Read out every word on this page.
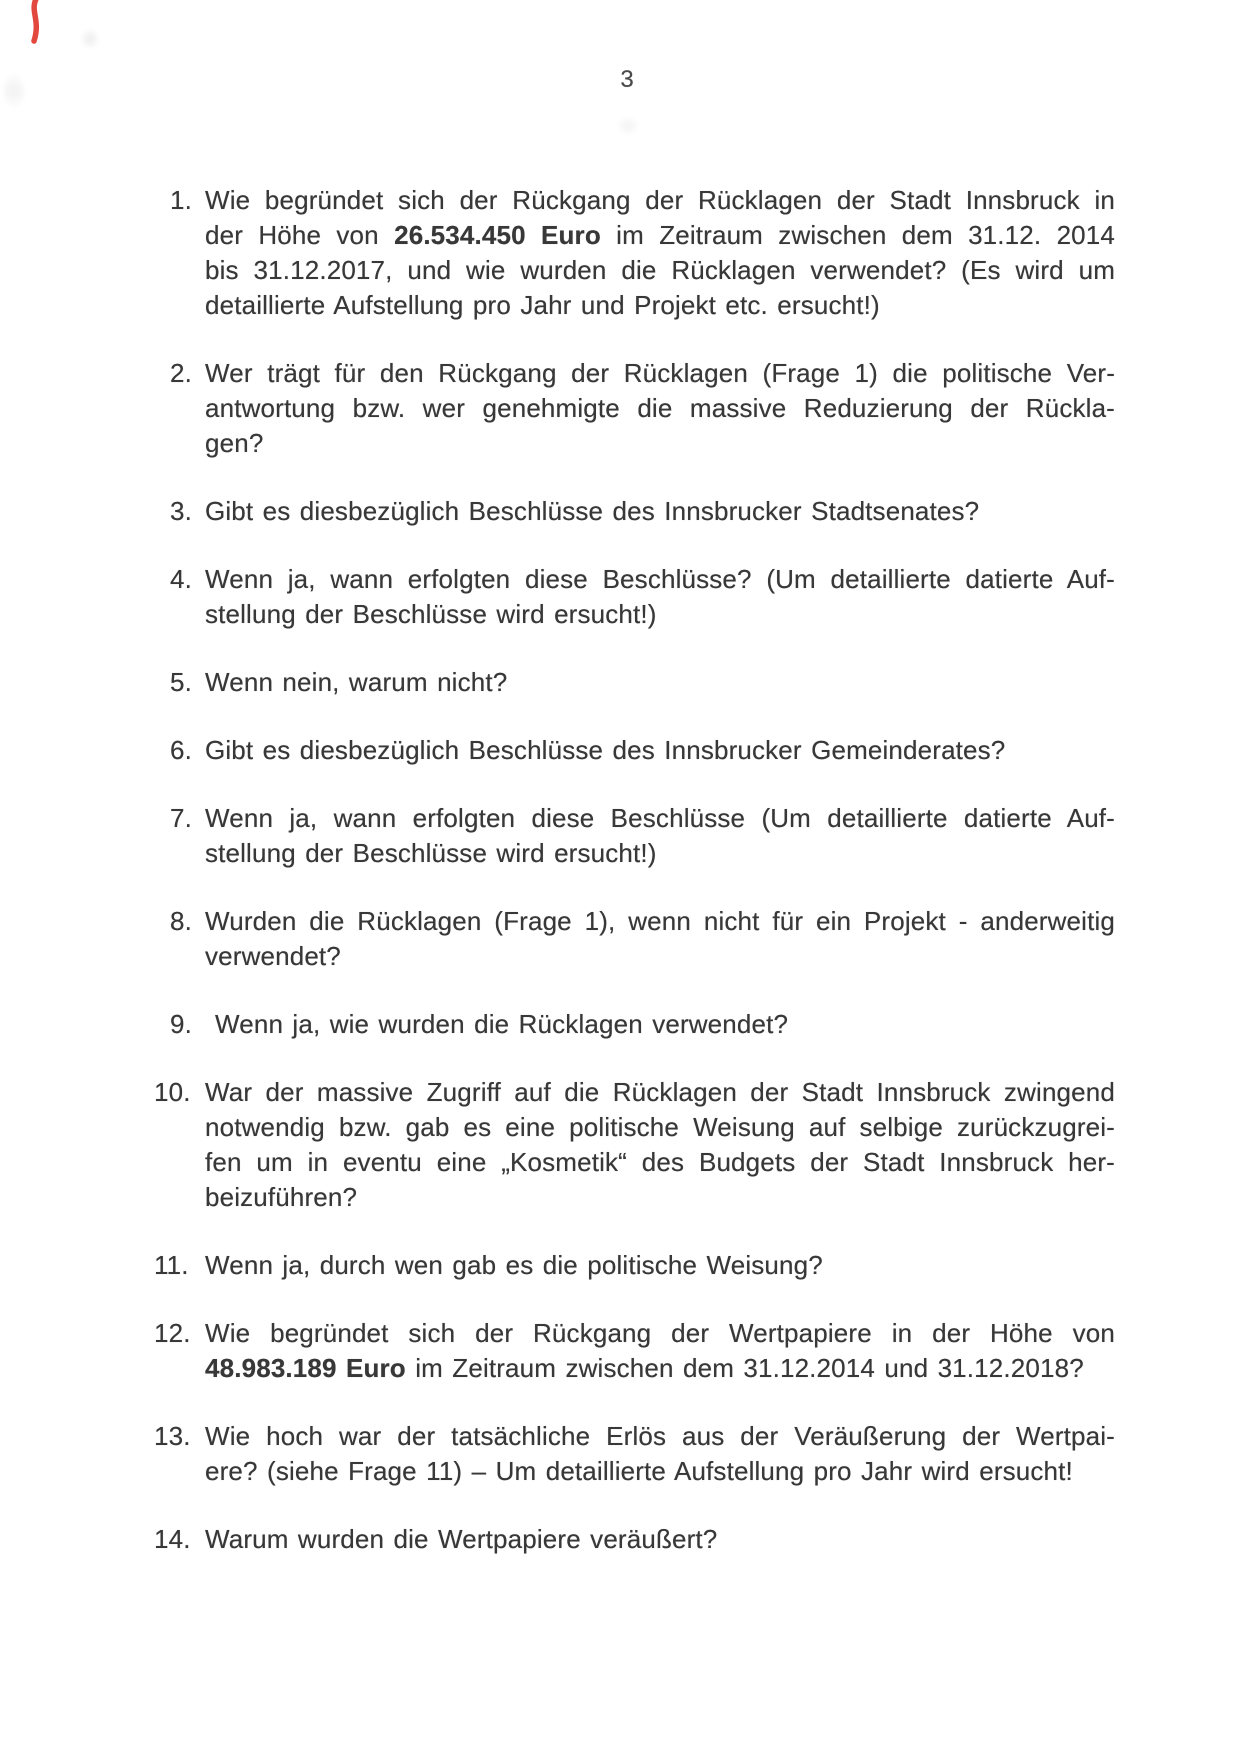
3
1. Wie begründet sich der Rückgang der Rücklagen der Stadt Innsbruck in
der Höhe von 26.534.450 Euro im Zeitraum zwischen dem 31.12. 2014
bis 31.12.2017, und wie wurden die Rücklagen verwendet? (Es wird um
detaillierte Aufstellung pro Jahr und Projekt etc. ersucht!)
2. Wer trägt für den Rückgang der Rücklagen (Frage 1) die politische Ver-
antwortung bzw. wer genehmigte die massive Reduzierung der Rückla-
gen?
3. Gibt es diesbezüglich Beschlüsse des Innsbrucker Stadtsenates?
4. Wenn ja, wann erfolgten diese Beschlüsse? (Um detaillierte datierte Auf-
stellung der Beschlüsse wird ersucht!)
5. Wenn nein, warum nicht?
6. Gibt es diesbezüglich Beschlüsse des Innsbrucker Gemeinderates?
7. Wenn ja, wann erfolgten diese Beschlüsse (Um detaillierte datierte Auf-
stellung der Beschlüsse wird ersucht!)
8. Wurden die Rücklagen (Frage 1), wenn nicht für ein Projekt - anderweitig
verwendet?
9. Wenn ja, wie wurden die Rücklagen verwendet?
10. War der massive Zugriff auf die Rücklagen der Stadt Innsbruck zwingend
notwendig bzw. gab es eine politische Weisung auf selbige zurückzugrei-
fen um in eventu eine „Kosmetik“ des Budgets der Stadt Innsbruck her-
beizuführen?
11. Wenn ja, durch wen gab es die politische Weisung?
12. Wie begründet sich der Rückgang der Wertpapiere in der Höhe von
48.983.189 Euro im Zeitraum zwischen dem 31.12.2014 und 31.12.2018?
13. Wie hoch war der tatsächliche Erlös aus der Veräußerung der Wertpai-
ere? (siehe Frage 11) – Um detaillierte Aufstellung pro Jahr wird ersucht!
14. Warum wurden die Wertpapiere veräußert?
